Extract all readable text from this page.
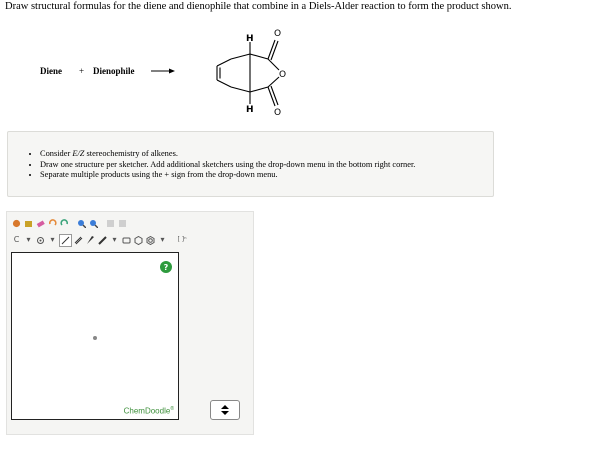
Draw structural formulas for the diene and dienophile that combine in a Diels-Alder reaction to form the product shown.
Diene + Dienophile →
H
H
O
O
O
• Consider E/Z stereochemistry of alkenes.
• Draw one structure per sketcher. Add additional sketchers using the drop-down menu in the bottom right corner.
• Separate multiple products using the + sign from the drop-down menu.
C ▾	▾	▾	▾	[ ]ⁿ
?
ChemDoodle®
